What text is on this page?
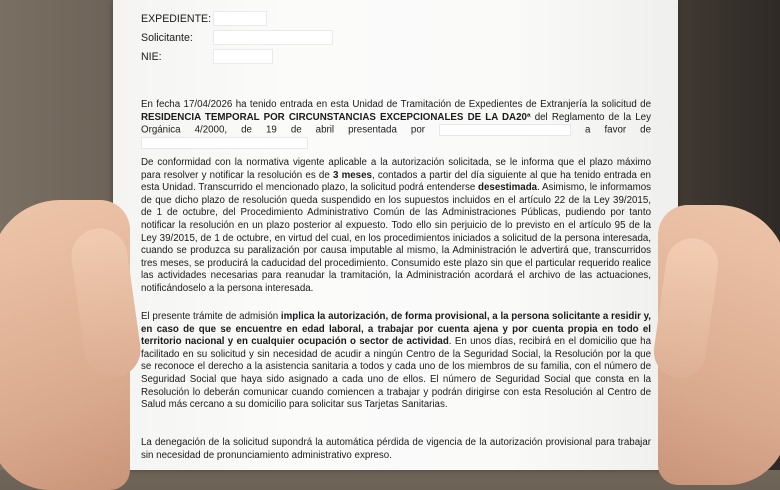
EXPEDIENTE:
Solicitante:
NIE:
En fecha 17/04/2026 ha tenido entrada en esta Unidad de Tramitación de Expedientes de Extranjería la solicitud de RESIDENCIA TEMPORAL POR CIRCUNSTANCIAS EXCEPCIONALES DE LA DA20ª del Reglamento de la Ley Orgánica 4/2000, de 19 de abril presentada por	a favor de
De conformidad con la normativa vigente aplicable a la autorización solicitada, se le informa que el plazo máximo para resolver y notificar la resolución es de 3 meses, contados a partir del día siguiente al que ha tenido entrada en esta Unidad. Transcurrido el mencionado plazo, la solicitud podrá entenderse desestimada. Asimismo, le informamos de que dicho plazo de resolución queda suspendido en los supuestos incluidos en el artículo 22 de la Ley 39/2015, de 1 de octubre, del Procedimiento Administrativo Común de las Administraciones Públicas, pudiendo por tanto notificar la resolución en un plazo posterior al expuesto. Todo ello sin perjuicio de lo previsto en el artículo 95 de la Ley 39/2015, de 1 de octubre, en virtud del cual, en los procedimientos iniciados a solicitud de la persona interesada, cuando se produzca su paralización por causa imputable al mismo, la Administración le advertirá que, transcurridos tres meses, se producirá la caducidad del procedimiento. Consumido este plazo sin que el particular requerido realice las actividades necesarias para reanudar la tramitación, la Administración acordará el archivo de las actuaciones, notificándoselo a la persona interesada.
El presente trámite de admisión implica la autorización, de forma provisional, a la persona solicitante a residir y, en caso de que se encuentre en edad laboral, a trabajar por cuenta ajena y por cuenta propia en todo el territorio nacional y en cualquier ocupación o sector de actividad. En unos días, recibirá en el domicilio que ha facilitado en su solicitud y sin necesidad de acudir a ningún Centro de la Seguridad Social, la Resolución por la que se reconoce el derecho a la asistencia sanitaria a todos y cada uno de los miembros de su familia, con el número de Seguridad Social que haya sido asignado a cada uno de ellos. El número de Seguridad Social que consta en la Resolución lo deberán comunicar cuando comiencen a trabajar y podrán dirigirse con esta Resolución al Centro de Salud más cercano a su domicilio para solicitar sus Tarjetas Sanitarias.
La denegación de la solicitud supondrá la automática pérdida de vigencia de la autorización provisional para trabajar sin necesidad de pronunciamiento administrativo expreso.
